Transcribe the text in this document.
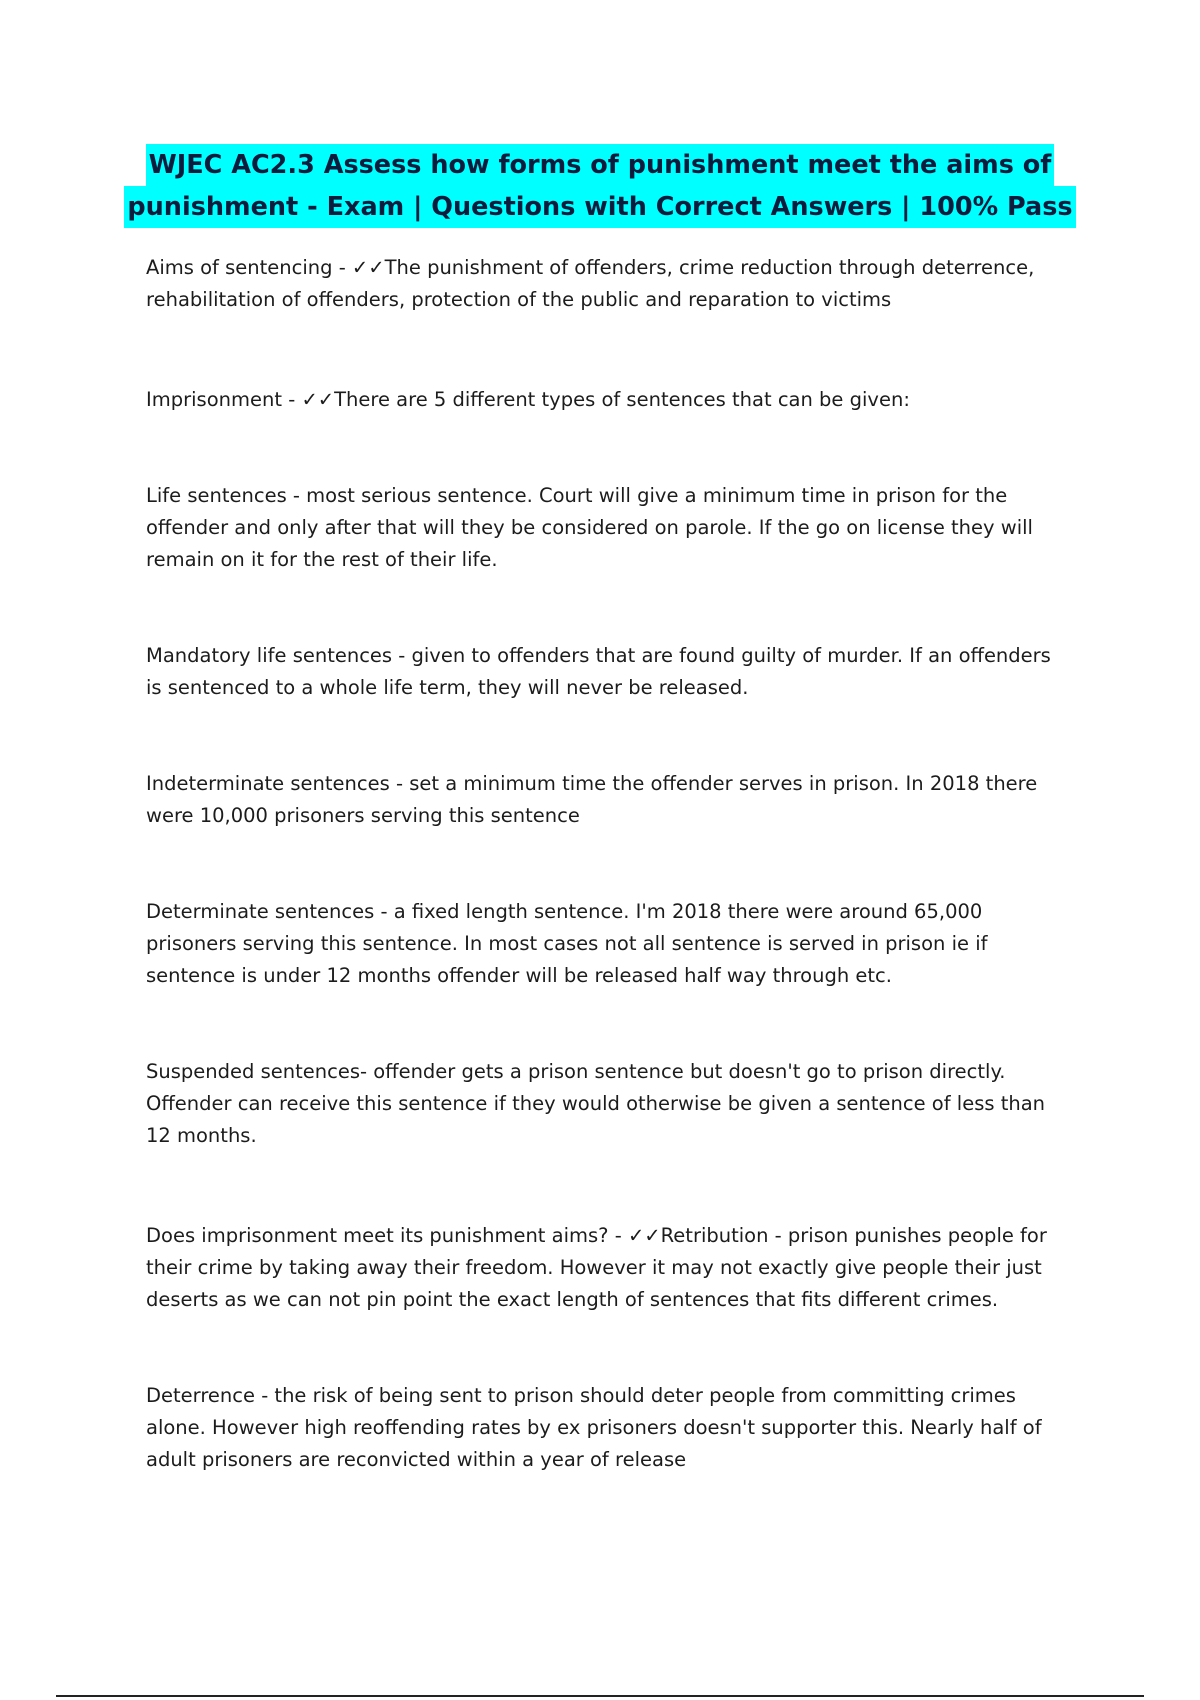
WJEC AC2.3 Assess how forms of punishment meet the aims of
punishment - Exam | Questions with Correct Answers | 100% Pass

Aims of sentencing - ✓✓The punishment of offenders, crime reduction through deterrence, rehabilitation of offenders, protection of the public and reparation to victims

Imprisonment - ✓✓There are 5 different types of sentences that can be given:

Life sentences - most serious sentence. Court will give a minimum time in prison for the offender and only after that will they be considered on parole. If the go on license they will remain on it for the rest of their life.

Mandatory life sentences - given to offenders that are found guilty of murder. If an offenders is sentenced to a whole life term, they will never be released.

Indeterminate sentences - set a minimum time the offender serves in prison. In 2018 there were 10,000 prisoners serving this sentence

Determinate sentences - a fixed length sentence. I'm 2018 there were around 65,000 prisoners serving this sentence. In most cases not all sentence is served in prison ie if sentence is under 12 months offender will be released half way through etc.

Suspended sentences- offender gets a prison sentence but doesn't go to prison directly. Offender can receive this sentence if they would otherwise be given a sentence of less than 12 months.

Does imprisonment meet its punishment aims? - ✓✓Retribution - prison punishes people for their crime by taking away their freedom. However it may not exactly give people their just deserts as we can not pin point the exact length of sentences that fits different crimes.

Deterrence - the risk of being sent to prison should deter people from committing crimes alone. However high reoffending rates by ex prisoners doesn't supporter this. Nearly half of adult prisoners are reconvicted within a year of release
